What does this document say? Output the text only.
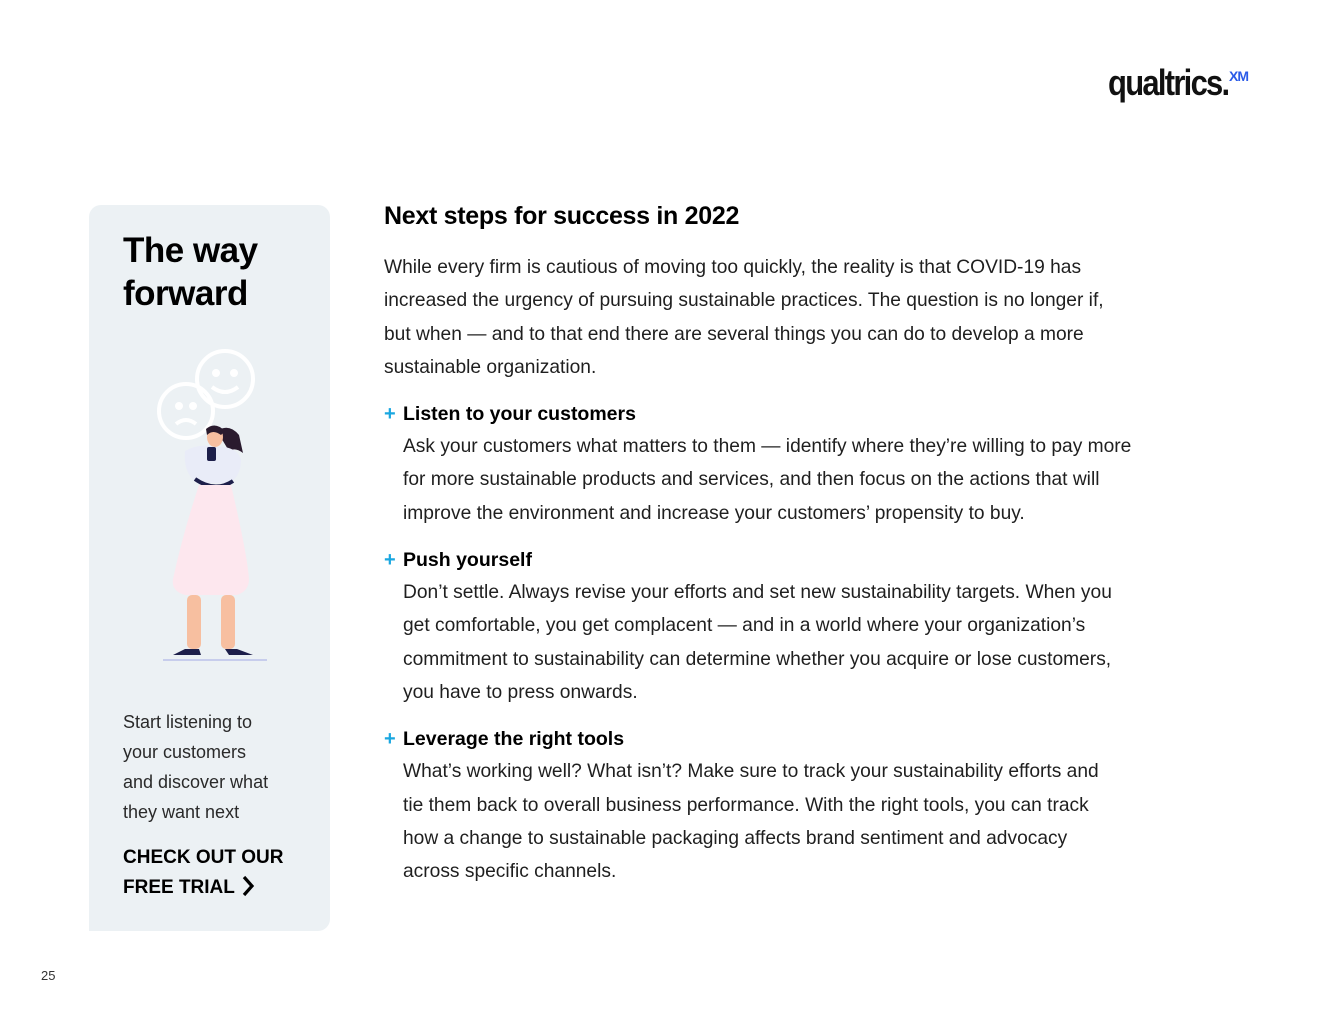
qualtrics. XM
The way
forward

Start listening to
your customers
and discover what
they want next

CHECK OUT OUR
FREE TRIAL
Next steps for success in 2022

While every firm is cautious of moving too quickly, the reality is that COVID-19 has
increased the urgency of pursuing sustainable practices. The question is no longer if,
but when — and to that end there are several things you can do to develop a more
sustainable organization.

+ Listen to your customers

Ask your customers what matters to them — identify where they’re willing to pay more
for more sustainable products and services, and then focus on the actions that will
improve the environment and increase your customers’ propensity to buy.

+ Push yourself

Don’t settle. Always revise your efforts and set new sustainability targets. When you
get comfortable, you get complacent — and in a world where your organization’s
commitment to sustainability can determine whether you acquire or lose customers,
you have to press onwards.

+ Leverage the right tools

What’s working well? What isn’t? Make sure to track your sustainability efforts and
tie them back to overall business performance. With the right tools, you can track
how a change to sustainable packaging affects brand sentiment and advocacy
across specific channels.

25
